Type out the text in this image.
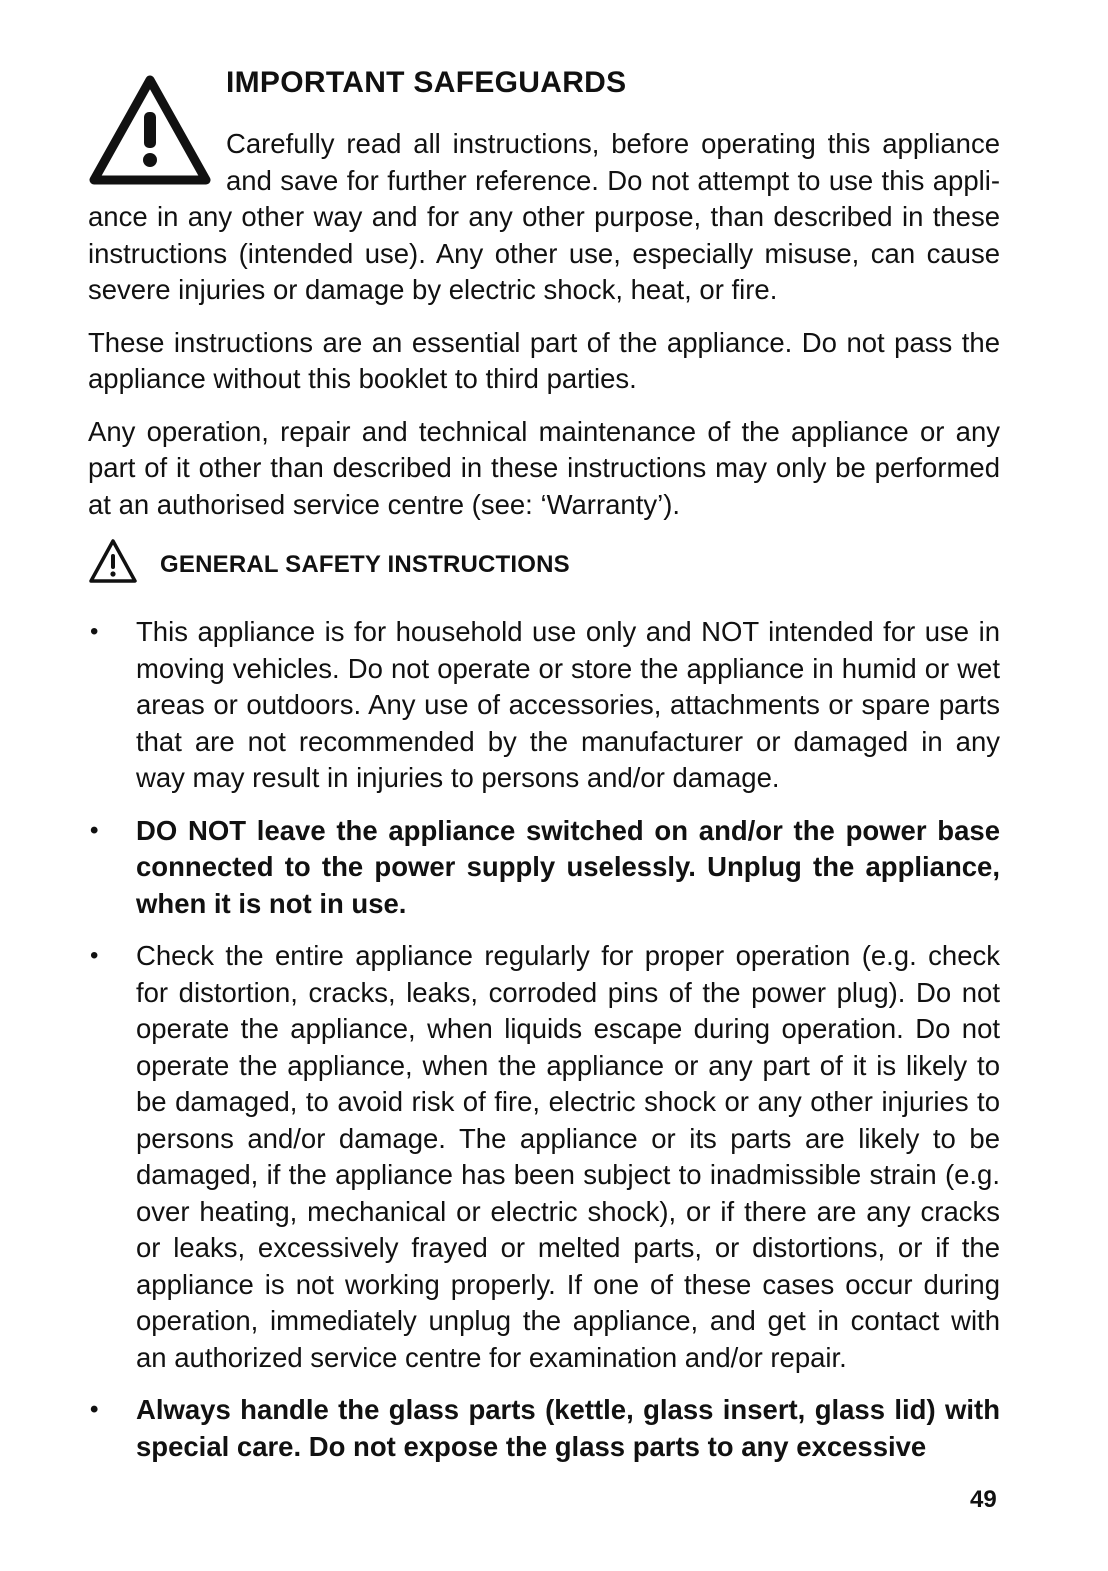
IMPORTANT SAFEGUARDS

Carefully read all instructions, before operating this appliance and save for further reference. Do not attempt to use this appli-ance in any other way and for any other purpose, than described in these instructions (intended use). Any other use, especially misuse, can cause severe injuries or damage by electric shock, heat, or fire.

These instructions are an essential part of the appliance. Do not pass the appliance without this booklet to third parties.

Any operation, repair and technical maintenance of the appliance or any part of it other than described in these instructions may only be performed at an authorised service centre (see: ‘Warranty’).

GENERAL SAFETY INSTRUCTIONS
• This appliance is for household use only and NOT intended for use in moving vehicles. Do not operate or store the appliance in humid or wet areas or outdoors. Any use of accessories, attachments or spare parts that are not recommended by the manufacturer or damaged in any way may result in injuries to persons and/or damage.
• DO NOT leave the appliance switched on and/or the power base connected to the power supply uselessly. Unplug the appliance, when it is not in use.
• Check the entire appliance regularly for proper operation (e.g. check for distortion, cracks, leaks, corroded pins of the power plug). Do not operate the appliance, when liquids escape during operation. Do not operate the appliance, when the appliance or any part of it is likely to be damaged, to avoid risk of fire, electric shock or any other injuries to persons and/or damage. The appliance or its parts are likely to be damaged, if the appliance has been subject to inadmissible strain (e.g. over heating, mechanical or electric shock), or if there are any cracks or leaks, excessively frayed or melted parts, or distortions, or if the appliance is not working properly. If one of these cases occur during operation, immediately unplug the appliance, and get in contact with an authorized service centre for examination and/or repair.
• Always handle the glass parts (kettle, glass insert, glass lid) with special care. Do not expose the glass parts to any excessive
49
